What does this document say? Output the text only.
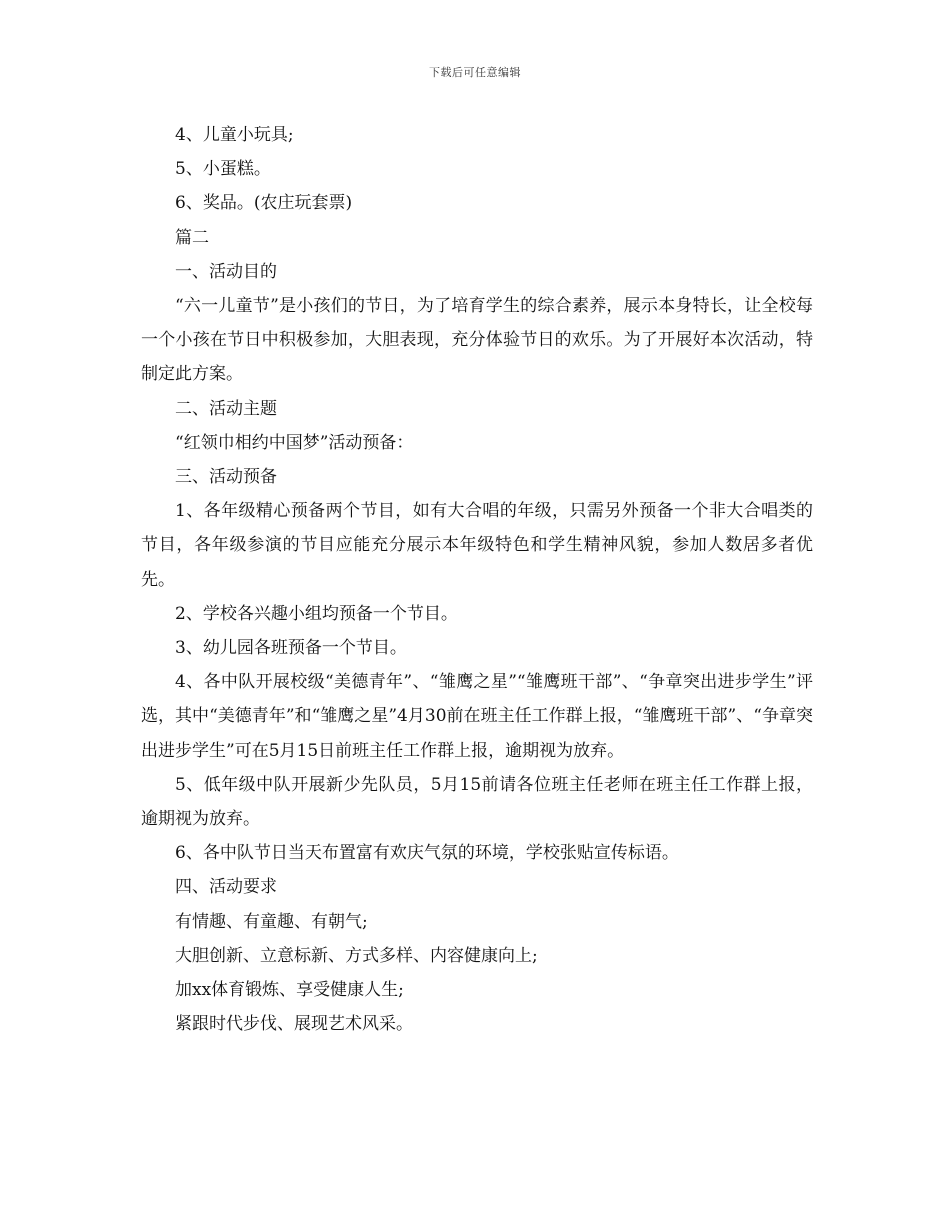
下载后可任意编辑

4、儿童小玩具;

5、小蛋糕。

6、奖品。(农庄玩套票)

篇二

一、活动目的

“六一儿童节”是小孩们的节日，为了培育学生的综合素养，展示本身特长，让全校每一个小孩在节日中积极参加，大胆表现，充分体验节日的欢乐。为了开展好本次活动，特制定此方案。

二、活动主题

“红领巾相约中国梦”活动预备：

三、活动预备

1、各年级精心预备两个节目，如有大合唱的年级，只需另外预备一个非大合唱类的节目，各年级参演的节目应能充分展示本年级特色和学生精神风貌，参加人数居多者优先。

2、学校各兴趣小组均预备一个节目。

3、幼儿园各班预备一个节目。

4、各中队开展校级“美德青年”、“雏鹰之星”“雏鹰班干部”、“争章突出进步学生”评选，其中“美德青年”和“雏鹰之星”4月30前在班主任工作群上报，“雏鹰班干部”、“争章突出进步学生”可在5月15日前班主任工作群上报，逾期视为放弃。

5、低年级中队开展新少先队员，5月15前请各位班主任老师在班主任工作群上报，逾期视为放弃。

6、各中队节日当天布置富有欢庆气氛的环境，学校张贴宣传标语。

四、活动要求

有情趣、有童趣、有朝气;

大胆创新、立意标新、方式多样、内容健康向上;

加xx体育锻炼、享受健康人生;

紧跟时代步伐、展现艺术风采。
